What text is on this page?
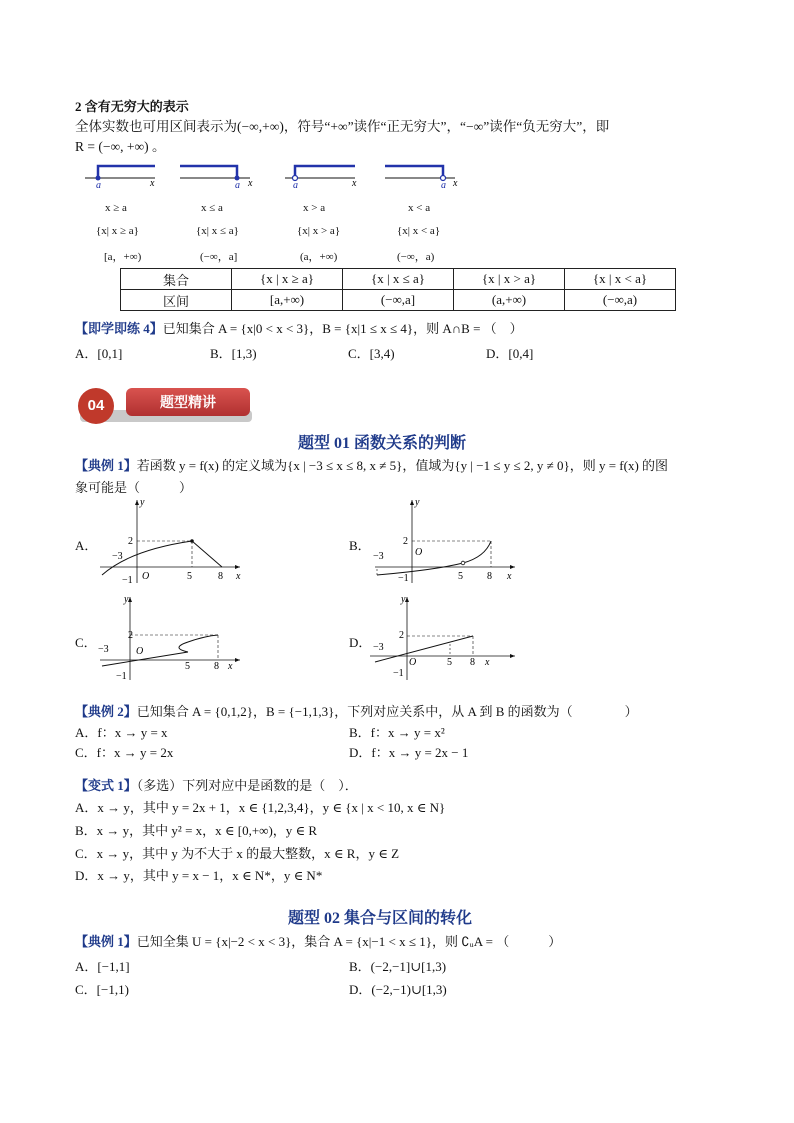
2 含有无穷大的表示
全体实数也可用区间表示为(−∞,+∞)，符号“+∞”读作“正无穷大”，“−∞”读作“负无穷大”，即
R = (−∞, +∞) 。
a	x	a x	a	x	a x
x ≥ a
{x| x ≥ a}
[a，+∞)
x ≤ a
{x| x ≤ a}
(−∞，a]
x > a
{x| x > a}
(a，+∞)
x < a
{x| x < a}
(−∞，a)
集合	{x | x ≥ a}	{x | x ≤ a}	{x | x > a}	{x | x < a}
区间	[a,+∞)	(−∞,a]	(a,+∞)	(−∞,a)
【即学即练 4】已知集合 A = {x|0 < x < 3}，B = {x|1 ≤ x ≤ 4}，则 A∩B = （　）
A．[0,1]	B．[1,3)	C．[3,4)	D．[0,4]
题型精讲
04
题型 01 函数关系的判断
【典例 1】若函数 y = f(x) 的定义域为{x | −3 ≤ x ≤ 8, x ≠ 5}，值域为{y | −1 ≤ y ≤ 2, y ≠ 0}，则 y = f(x) 的图
象可能是（　　　）
A．
y
x
O
−3
−1
2
5	8
B．
y
x
O
−3
−1
2
5 8
C．
y
x
O
−3
−1
2
5 8
D．
y
x
O
−3
−1
2
5 8
【典例 2】已知集合 A = {0,1,2}，B = {−1,1,3}，下列对应关系中，从 A 到 B 的函数为（　　　　）
A．f：x → y = x	B．f：x → y = x²
C．f：x → y = 2x	D．f：x → y = 2x − 1
【变式 1】（多选）下列对应中是函数的是（　）．
A．x → y，其中 y = 2x + 1，x ∈ {1,2,3,4}，y ∈ {x | x < 10, x ∈ N}
B．x → y，其中 y² = x，x ∈ [0,+∞)，y ∈ R
C．x → y，其中 y 为不大于 x 的最大整数，x ∈ R，y ∈ Z
D．x → y，其中 y = x − 1，x ∈ N*，y ∈ N*
题型 02 集合与区间的转化
【典例 1】已知全集 U = {x|−2 < x < 3}，集合 A = {x|−1 < x ≤ 1}，则 ∁ᵤA = （　　　）
A．[−1,1]	B．(−2,−1]∪[1,3)
C．[−1,1)	D．(−2,−1)∪[1,3)
